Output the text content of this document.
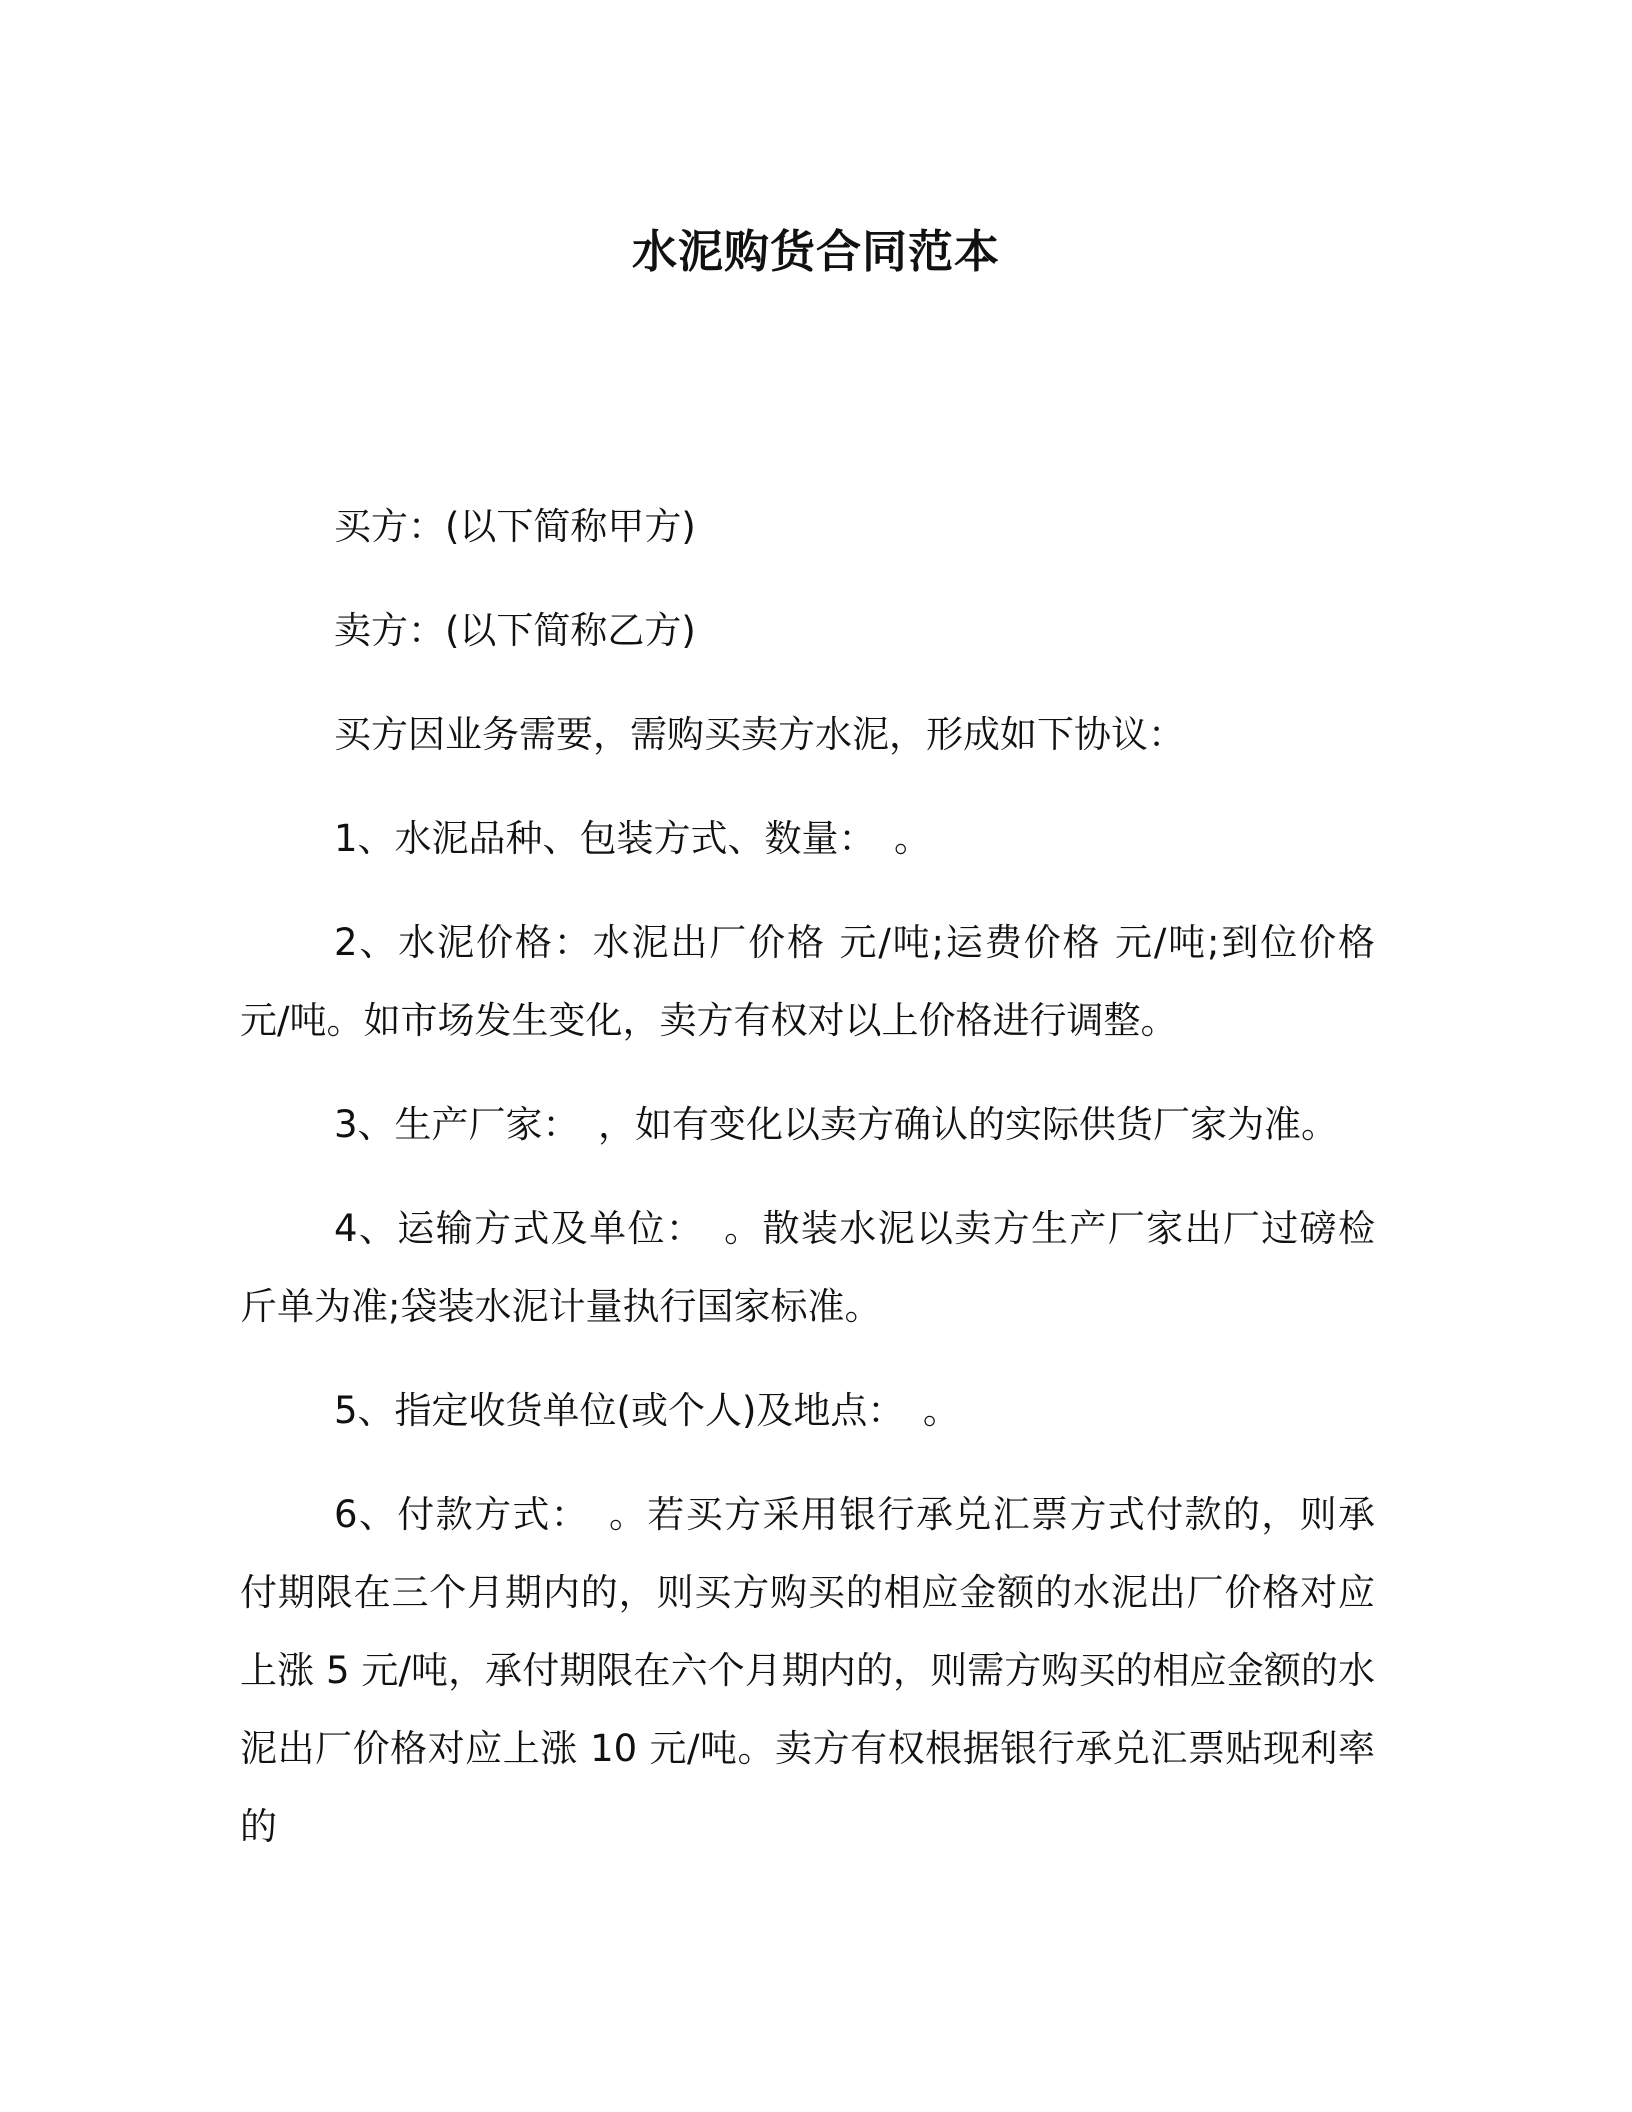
水泥购货合同范本

买方：(以下简称甲方)

卖方：(以下简称乙方)

买方因业务需要，需购买卖方水泥，形成如下协议：

1、水泥品种、包装方式、数量：　。

2、水泥价格：水泥出厂价格 元/吨;运费价格 元/吨;到位价格 元/吨。如市场发生变化，卖方有权对以上价格进行调整。

3、生产厂家：　，如有变化以卖方确认的实际供货厂家为准。

4、运输方式及单位：　。散装水泥以卖方生产厂家出厂过磅检斤单为准;袋装水泥计量执行国家标准。

5、指定收货单位(或个人)及地点：　。

6、付款方式：　。若买方采用银行承兑汇票方式付款的，则承付期限在三个月期内的，则买方购买的相应金额的水泥出厂价格对应上涨 5 元/吨，承付期限在六个月期内的，则需方购买的相应金额的水泥出厂价格对应上涨 10 元/吨。卖方有权根据银行承兑汇票贴现利率的
